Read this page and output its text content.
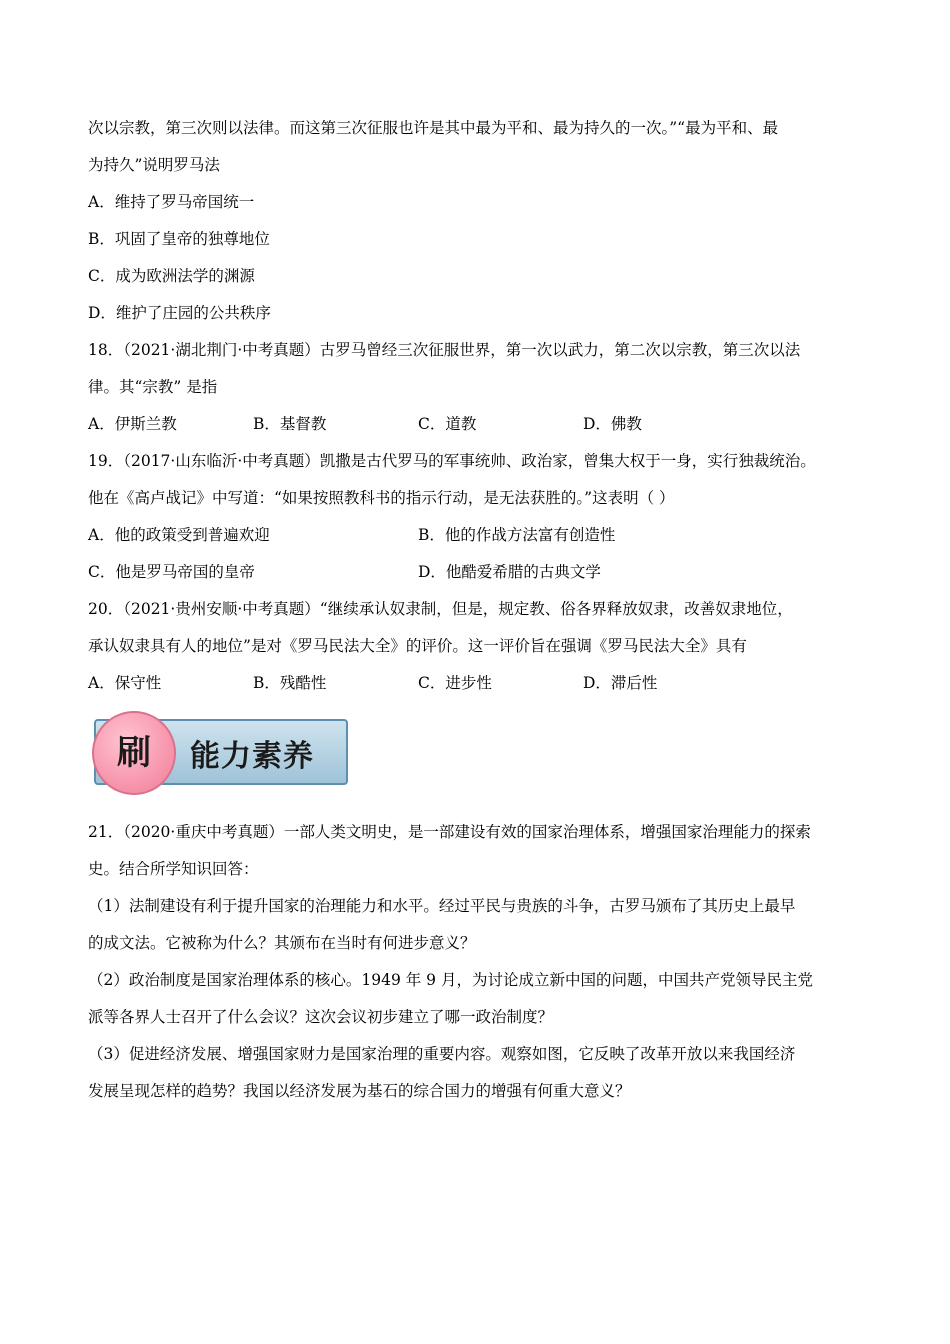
次以宗教，第三次则以法律。而这第三次征服也许是其中最为平和、最为持久的一次。”“最为平和、最
为持久”说明罗马法
A．维持了罗马帝国统一
B．巩固了皇帝的独尊地位
C．成为欧洲法学的渊源
D．维护了庄园的公共秩序
18．（2021·湖北荆门·中考真题）古罗马曾经三次征服世界，第一次以武力，第二次以宗教，第三次以法
律。其“宗教” 是指
A．伊斯兰教	B．基督教	C．道教	D．佛教
19．（2017·山东临沂·中考真题）凯撒是古代罗马的军事统帅、政治家，曾集大权于一身，实行独裁统治。
他在《高卢战记》中写道：“如果按照教科书的指示行动，是无法获胜的。”这表明（ ）
A．他的政策受到普遍欢迎	B．他的作战方法富有创造性
C．他是罗马帝国的皇帝	D．他酷爱希腊的古典文学
20．（2021·贵州安顺·中考真题）“继续承认奴隶制，但是，规定教、俗各界释放奴隶，改善奴隶地位，
承认奴隶具有人的地位”是对《罗马民法大全》的评价。这一评价旨在强调《罗马民法大全》具有
A．保守性	B．残酷性	C．进步性	D．滞后性
能力素养
刷
21．（2020·重庆中考真题）一部人类文明史，是一部建设有效的国家治理体系，增强国家治理能力的探索
史。结合所学知识回答：
（1）法制建设有利于提升国家的治理能力和水平。经过平民与贵族的斗争，古罗马颁布了其历史上最早
的成文法。它被称为什么？其颁布在当时有何进步意义？
（2）政治制度是国家治理体系的核心。1949 年 9 月，为讨论成立新中国的问题，中国共产党领导民主党
派等各界人士召开了什么会议？这次会议初步建立了哪一政治制度？
（3）促进经济发展、增强国家财力是国家治理的重要内容。观察如图，它反映了改革开放以来我国经济
发展呈现怎样的趋势？我国以经济发展为基石的综合国力的增强有何重大意义？
